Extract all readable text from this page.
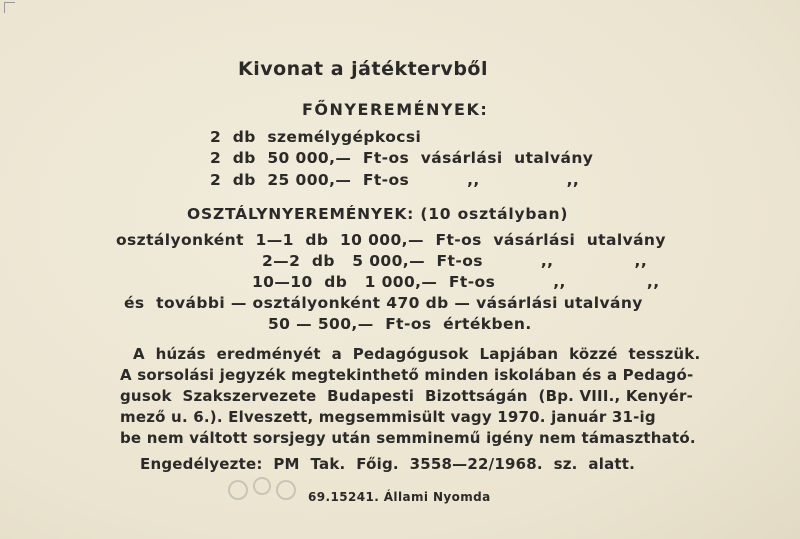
Kivonat a játéktervből
FŐNYEREMÉNYEK:
2  db  személygépkocsi
2  db  50 000,—  Ft-os  vásárlási  utalvány
2  db  25 000,—  Ft-os          ,,               ,,
OSZTÁLYNYEREMÉNYEK: (10 osztályban)
osztályonként  1—1  db  10 000,—  Ft-os  vásárlási  utalvány
2—2  db   5 000,—  Ft-os          ,,              ,,
10—10  db   1 000,—  Ft-os          ,,              ,,
és  további — osztályonként 470 db — vásárlási utalvány
50 — 500,—  Ft-os  értékben.
A  húzás  eredményét  a  Pedagógusok  Lapjában  közzé  tesszük.
A sorsolási jegyzék megtekinthető minden iskolában és a Pedagó-
gusok  Szakszervezete  Budapesti  Bizottságán  (Bp. VIII., Kenyér-
mező u. 6.). Elveszett, megsemmisült vagy 1970. január 31-ig
be nem váltott sorsjegy után semminemű igény nem támasztható.
Engedélyezte:  PM  Tak.  Főig.  3558—22/1968.  sz.  alatt.
69.15241. Állami Nyomda
